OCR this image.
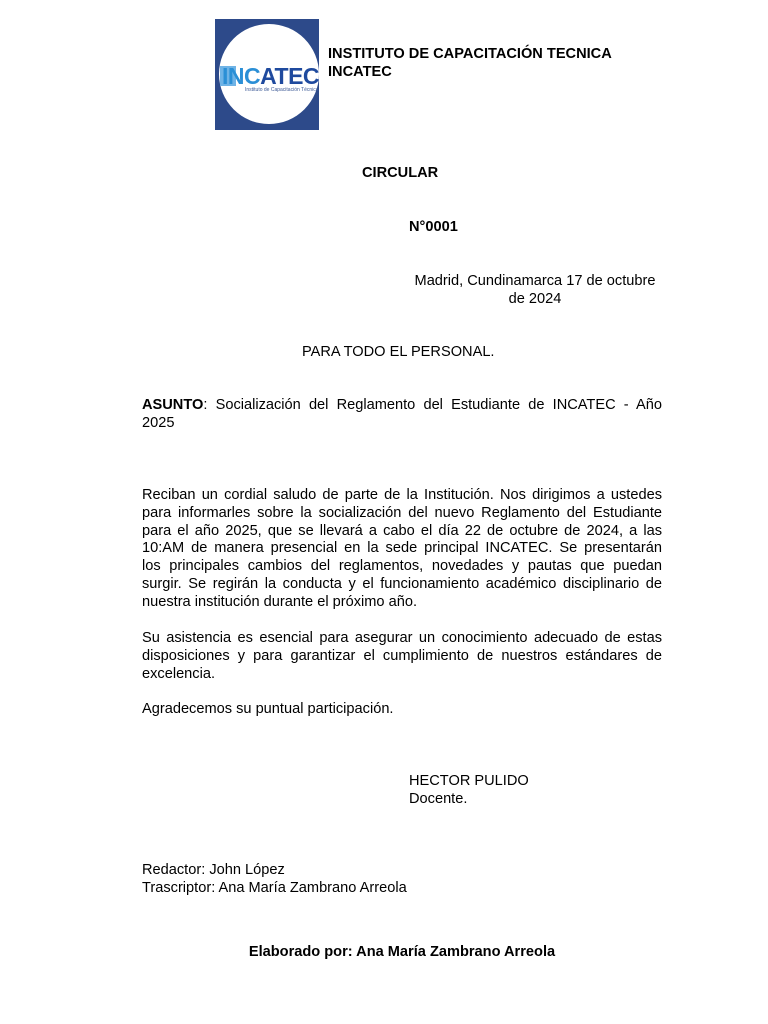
INCATEC
Instituto de Capacitación Técnica
INSTITUTO DE CAPACITACIÓN TECNICA
INCATEC
CIRCULAR
N°0001
Madrid, Cundinamarca 17 de octubre
de 2024
PARA TODO EL PERSONAL.
ASUNTO: Socialización del Reglamento del Estudiante de INCATEC - Año
2025
Reciban un cordial saludo de parte de la Institución. Nos dirigimos a ustedes
para informarles sobre la socialización del nuevo Reglamento del Estudiante
para el año 2025, que se llevará a cabo el día 22 de octubre de 2024, a las
10:AM de manera presencial en la sede principal INCATEC. Se presentarán
los principales cambios del reglamentos, novedades y pautas que puedan
surgir. Se regirán la conducta y el funcionamiento académico disciplinario de
nuestra institución durante el próximo año.
Su asistencia es esencial para asegurar un conocimiento adecuado de estas
disposiciones y para garantizar el cumplimiento de nuestros estándares de
excelencia.
Agradecemos su puntual participación.
HECTOR PULIDO
Docente.
Redactor: John López
Trascriptor: Ana María Zambrano Arreola
Elaborado por: Ana María Zambrano Arreola
